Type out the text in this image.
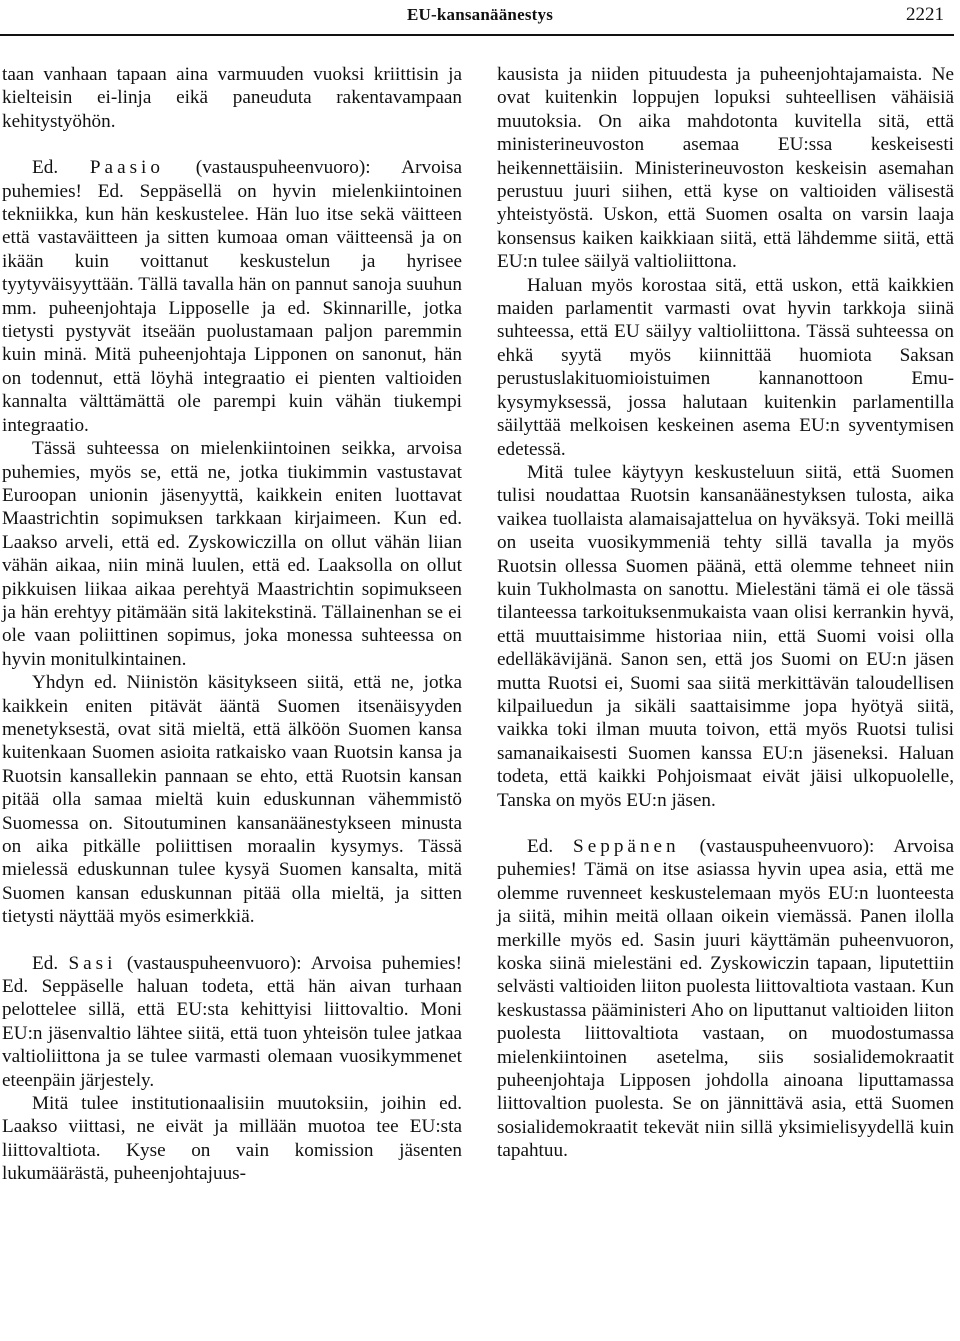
EU-kansanäänestys	2221

taan vanhaan tapaan aina varmuuden vuoksi kriittisin ja kielteisin ei-linja eikä paneuduta rakentavampaan kehitystyöhön.

Ed. Paasio (vastauspuheenvuoro): Arvoisa puhemies! Ed. Seppäsellä on hyvin mielenkiintoinen tekniikka, kun hän keskustelee. Hän luo itse sekä väitteen että vastaväitteen ja sitten kumoaa oman väitteensä ja on ikään kuin voittanut keskustelun ja hyrisee tyytyväisyyttään. Tällä tavalla hän on pannut sanoja suuhun mm. puheenjohtaja Lipposelle ja ed. Skinnarille, jotka tietysti pystyvät itseään puolustamaan paljon paremmin kuin minä. Mitä puheenjohtaja Lipponen on sanonut, hän on todennut, että löyhä integraatio ei pienten valtioiden kannalta välttämättä ole parempi kuin vähän tiukempi integraatio.

Tässä suhteessa on mielenkiintoinen seikka, arvoisa puhemies, myös se, että ne, jotka tiukimmin vastustavat Euroopan unionin jäsenyyttä, kaikkein eniten luottavat Maastrichtin sopimuksen tarkkaan kirjaimeen. Kun ed. Laakso arveli, että ed. Zyskowiczilla on ollut vähän liian vähän aikaa, niin minä luulen, että ed. Laaksolla on ollut pikkuisen liikaa aikaa perehtyä Maastrichtin sopimukseen ja hän erehtyy pitämään sitä lakitekstinä. Tällainenhan se ei ole vaan poliittinen sopimus, joka monessa suhteessa on hyvin monitulkintainen.

Yhdyn ed. Niinistön käsitykseen siitä, että ne, jotka kaikkein eniten pitävät ääntä Suomen itsenäisyyden menetyksestä, ovat sitä mieltä, että älköön Suomen kansa kuitenkaan Suomen asioita ratkaisko vaan Ruotsin kansa ja Ruotsin kansallekin pannaan se ehto, että Ruotsin kansan pitää olla samaa mieltä kuin eduskunnan vähemmistö Suomessa on. Sitoutuminen kansanäänestykseen minusta on aika pitkälle poliittisen moraalin kysymys. Tässä mielessä eduskunnan tulee kysyä Suomen kansalta, mitä Suomen kansan eduskunnan pitää olla mieltä, ja sitten tietysti näyttää myös esimerkkiä.

Ed. Sasi (vastauspuheenvuoro): Arvoisa puhemies! Ed. Seppäselle haluan todeta, että hän aivan turhaan pelottelee sillä, että EU:sta kehittyisi liittovaltio. Moni EU:n jäsenvaltio lähtee siitä, että tuon yhteisön tulee jatkaa valtioliittona ja se tulee varmasti olemaan vuosikymmenet eteenpäin järjestely.

Mitä tulee institutionaalisiin muutoksiin, joihin ed. Laakso viittasi, ne eivät ja millään muotoa tee EU:sta liittovaltiota. Kyse on vain komission jäsenten lukumäärästä, puheenjohtajuus-

kausista ja niiden pituudesta ja puheenjohtajamaista. Ne ovat kuitenkin loppujen lopuksi suhteellisen vähäisiä muutoksia. On aika mahdotonta kuvitella sitä, että ministerineuvoston asemaa EU:ssa keskeisesti heikennettäisiin. Ministerineuvoston keskeisin asemahan perustuu juuri siihen, että kyse on valtioiden välisestä yhteistyöstä. Uskon, että Suomen osalta on varsin laaja konsensus kaiken kaikkiaan siitä, että lähdemme siitä, että EU:n tulee säilyä valtioliittona.

Haluan myös korostaa sitä, että uskon, että kaikkien maiden parlamentit varmasti ovat hyvin tarkkoja siinä suhteessa, että EU säilyy valtioliittona. Tässä suhteessa on ehkä syytä myös kiinnittää huomiota Saksan perustuslakituomioistuimen kannanottoon Emu-kysymyksessä, jossa halutaan kuitenkin parlamentilla säilyttää melkoisen keskeinen asema EU:n syventymisen edetessä.

Mitä tulee käytyyn keskusteluun siitä, että Suomen tulisi noudattaa Ruotsin kansanäänestyksen tulosta, aika vaikea tuollaista alamaisajattelua on hyväksyä. Toki meillä on useita vuosikymmeniä tehty sillä tavalla ja myös Ruotsin ollessa Suomen päänä, että olemme tehneet niin kuin Tukholmasta on sanottu. Mielestäni tämä ei ole tässä tilanteessa tarkoituksenmukaista vaan olisi kerrankin hyvä, että muuttaisimme historiaa niin, että Suomi voisi olla edelläkävijänä. Sanon sen, että jos Suomi on EU:n jäsen mutta Ruotsi ei, Suomi saa siitä merkittävän taloudellisen kilpailuedun ja sikäli saattaisimme jopa hyötyä siitä, vaikka toki ilman muuta toivon, että myös Ruotsi tulisi samanaikaisesti Suomen kanssa EU:n jäseneksi. Haluan todeta, että kaikki Pohjoismaat eivät jäisi ulkopuolelle, Tanska on myös EU:n jäsen.

Ed. Seppänen (vastauspuheenvuoro): Arvoisa puhemies! Tämä on itse asiassa hyvin upea asia, että me olemme ruvenneet keskustelemaan myös EU:n luonteesta ja siitä, mihin meitä ollaan oikein viemässä. Panen ilolla merkille myös ed. Sasin juuri käyttämän puheenvuoron, koska siinä mielestäni ed. Zyskowiczin tapaan, liputettiin selvästi valtioiden liiton puolesta liittovaltiota vastaan. Kun keskustassa pääministeri Aho on liputtanut valtioiden liiton puolesta liittovaltiota vastaan, on muodostumassa mielenkiintoinen asetelma, siis sosialidemokraatit puheenjohtaja Lipposen johdolla ainoana liputtamassa liittovaltion puolesta. Se on jännittävä asia, että Suomen sosialidemokraatit tekevät niin sillä yksimielisyydellä kuin tapahtuu.
